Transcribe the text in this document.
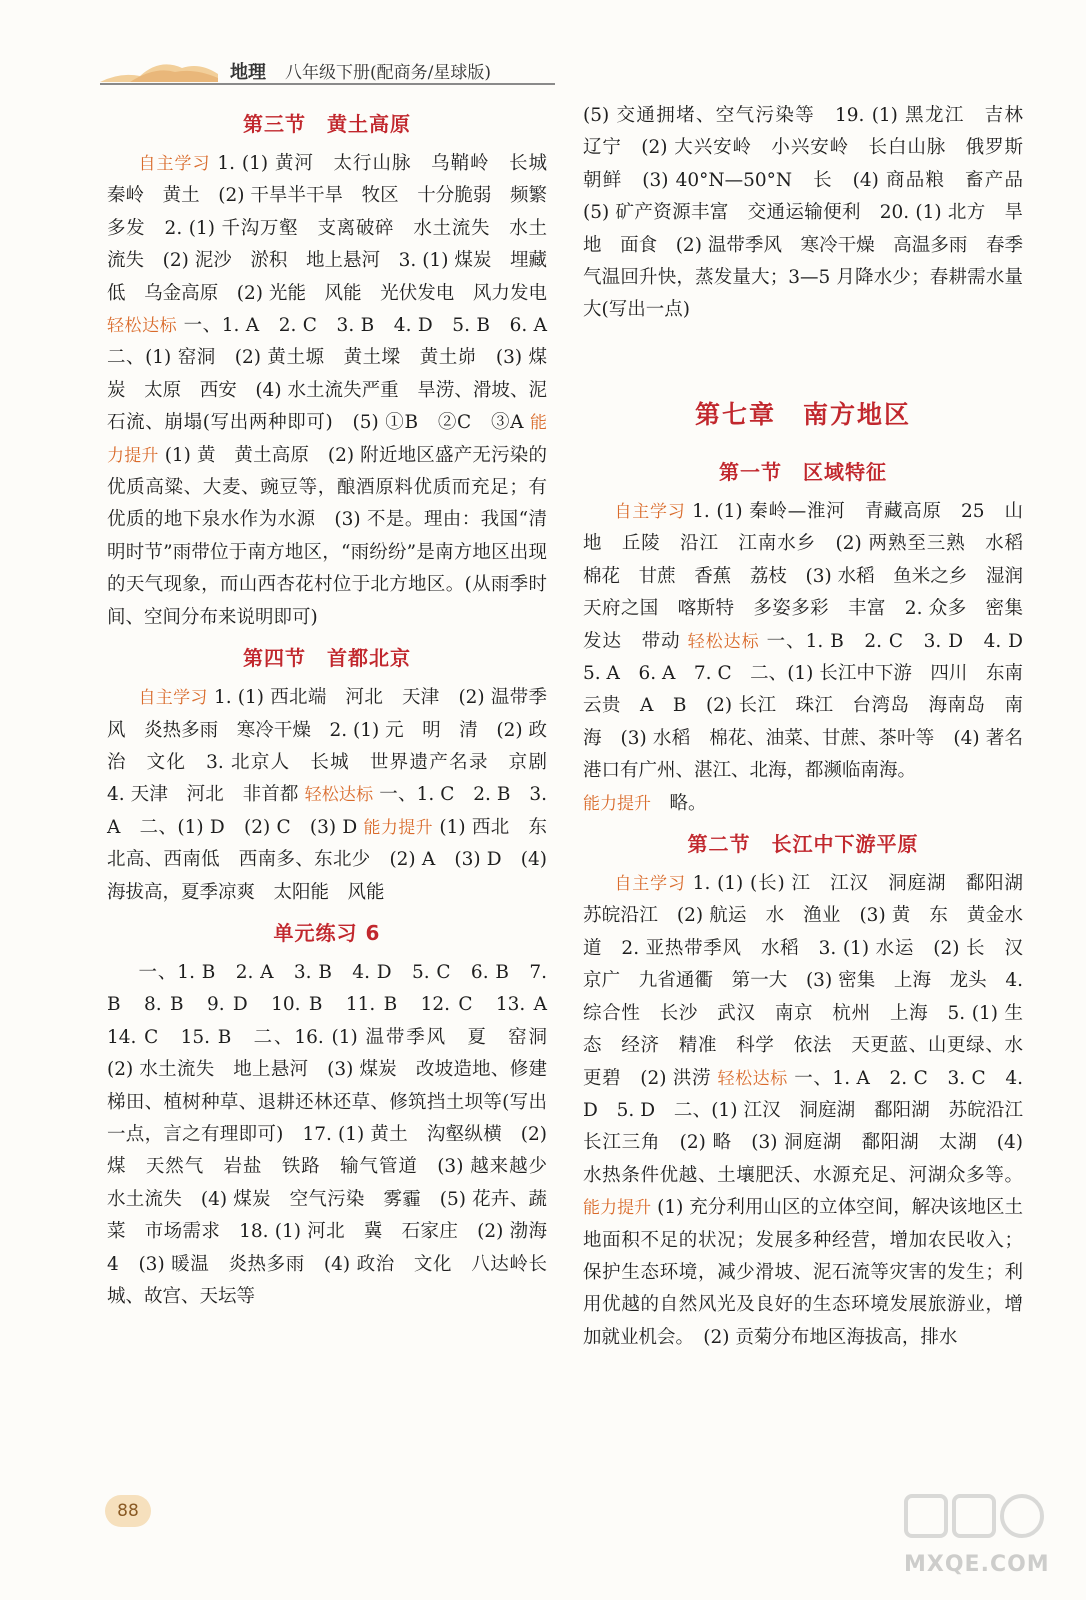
地理 八年级下册(配商务/星球版)
第三节　黄土高原

自主学习 1. (1) 黄河　太行山脉　乌鞘岭　长城　秦岭　黄土　(2) 干旱半干旱　牧区　十分脆弱　频繁多发　2. (1) 千沟万壑　支离破碎　水土流失　水土流失　(2) 泥沙　淤积　地上悬河　3. (1) 煤炭　埋藏　低　乌金高原　(2) 光能　风能　光伏发电　风力发电 轻松达标 一、1. A　2. C　3. B　4. D　5. B　6. A　二、(1) 窑洞　(2) 黄土塬　黄土墚　黄土峁　(3) 煤炭　太原　西安　(4) 水土流失严重　旱涝、滑坡、泥石流、崩塌(写出两种即可)　(5) ①B　②C　③A 能力提升 (1) 黄　黄土高原　(2) 附近地区盛产无污染的优质高粱、大麦、豌豆等，酿酒原料优质而充足；有优质的地下泉水作为水源　(3) 不是。理由：我国“清明时节”雨带位于南方地区，“雨纷纷”是南方地区出现的天气现象，而山西杏花村位于北方地区。(从雨季时间、空间分布来说明即可)

第四节　首都北京

自主学习 1. (1) 西北端　河北　天津　(2) 温带季风　炎热多雨　寒冷干燥　2. (1) 元　明　清　(2) 政治　文化　3. 北京人　长城　世界遗产名录　京剧　4. 天津　河北　非首都 轻松达标 一、1. C　2. B　3. A　二、(1) D　(2) C　(3) D 能力提升 (1) 西北　东北高、西南低　西南多、东北少　(2) A　(3) D　(4) 海拔高，夏季凉爽　太阳能　风能

单元练习 6

一、1. B　2. A　3. B　4. D　5. C　6. B　7. B　8. B　9. D　10. B　11. B　12. C　13. A　14. C　15. B　二、16. (1) 温带季风　夏　窑洞　(2) 水土流失　地上悬河　(3) 煤炭　改坡造地、修建梯田、植树种草、退耕还林还草、修筑挡土坝等(写出一点，言之有理即可)　17. (1) 黄土　沟壑纵横　(2) 煤　天然气　岩盐　铁路　输气管道　(3) 越来越少　水土流失　(4) 煤炭　空气污染　雾霾　(5) 花卉、蔬菜　市场需求　18. (1) 河北　冀　石家庄　(2) 渤海　4　(3) 暖温　炎热多雨　(4) 政治　文化　八达岭长城、故宫、天坛等

(5) 交通拥堵、空气污染等　19. (1) 黑龙江　吉林　辽宁　(2) 大兴安岭　小兴安岭　长白山脉　俄罗斯　朝鲜　(3) 40°N—50°N　长　(4) 商品粮　畜产品　(5) 矿产资源丰富　交通运输便利　20. (1) 北方　旱地　面食　(2) 温带季风　寒冷干燥　高温多雨　春季气温回升快，蒸发量大；3—5 月降水少；春耕需水量大(写出一点)

第七章　南方地区
第一节　区域特征

自主学习 1. (1) 秦岭—淮河　青藏高原　25　山地　丘陵　沿江　江南水乡　(2) 两熟至三熟　水稻　棉花　甘蔗　香蕉　荔枝　(3) 水稻　鱼米之乡　湿润　天府之国　喀斯特　多姿多彩　丰富　2. 众多　密集　发达　带动 轻松达标 一、1. B　2. C　3. D　4. D　5. A　6. A　7. C　二、(1) 长江中下游　四川　东南　云贵　A　B　(2) 长江　珠江　台湾岛　海南岛　南海　(3) 水稻　棉花、油菜、甘蔗、茶叶等　(4) 著名港口有广州、湛江、北海，都濒临南海。

能力提升　略。

第二节　长江中下游平原

自主学习 1. (1) (长) 江　江汉　洞庭湖　鄱阳湖　苏皖沿江　(2) 航运　水　渔业　(3) 黄　东　黄金水道　2. 亚热带季风　水稻　3. (1) 水运　(2) 长　汉　京广　九省通衢　第一大　(3) 密集　上海　龙头　4. 综合性　长沙　武汉　南京　杭州　上海　5. (1) 生态　经济　精准　科学　依法　天更蓝、山更绿、水更碧　(2) 洪涝 轻松达标 一、1. A　2. C　3. C　4. D　5. D　二、(1) 江汉　洞庭湖　鄱阳湖　苏皖沿江　长江三角　(2) 略　(3) 洞庭湖　鄱阳湖　太湖　(4) 水热条件优越、土壤肥沃、水源充足、河湖众多等。 能力提升 (1) 充分利用山区的立体空间，解决该地区土地面积不足的状况；发展多种经营，增加农民收入；保护生态环境，减少滑坡、泥石流等灾害的发生；利用优越的自然风光及良好的生态环境发展旅游业，增加就业机会。　(2) 贡菊分布地区海拔高，排水

88
MXQE.COM
